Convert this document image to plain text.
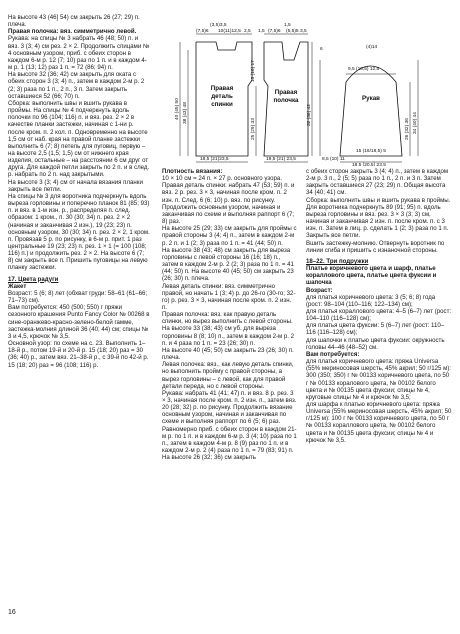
На высоте 43 (46] 54) см закрыть 26 (27; 29) п. плеча.

Правая полочка: вяз. симметрично левой.

Рукава: на спицы № 3 набрать 46 (48; 50) п. и вяз. 3 (3; 4) см рез. 2 × 2. Продолжить спицами № 4 основным узором, приб. с обеих сторон в каждом 6-м р. 12 (7; 10) раз по 1 п. и в каждом 4-м р. 1 (13; 12) раз 1 п. = 72 (86; 94) п.

На высоте 32 (36; 42) см закрыть для оката с обеих сторон 3 (3; 4) п., затем в каждом 2-м р. 2 (2; 3) раза по 1 п., 2 п., 3 п. Затем закрыть оставшиеся 52 (66; 70) п.

Сборка: выполнить швы и вшить рукава в проймы. На спицы № 4 подчеркнуть вдоль полочки по 96 (104; 116) п. и вяз. рез. 2 × 2 в качестве планки застежки, начиная с 1-ни р. после кром. п. 2 кол. п. Одновременно на высоте 1,5 см от наб. края на правой планке застежки выполнить 6 (7; 8) петель для пуговиц, первую – на высоте 2,5 (1,5; 1,5) см от нижнего края изделия, остальные – на расстоянии 6 см друг от друга. Для каждой петли закрыть по 2 п. и в след. р. набрать по 2 п. над закрытыми.

На высоте 3 (3; 4) см от начала вязания планки закрыть все петли.

На спицы № 3 для воротника подчеркнуть вдоль выреза горловины и поперечно планок 81 (85; 93) п. и вяз. в 1-м изн. р., распределяя п. след. образом: 1 кром., п. 30 (30; 34) п. рез. 2 × 2 (начиная и заканчивая 2 изн.), 19 (23; 23) п. основным узором, 30 (30; 34) п. рез. 2 × 2, 1 кром. п. Провязав 5 р. по рисунку, в 6-м р. прит. 1 раз центральные 19 (23; 23) п. рез. 1 × 1 (= 100 (108; 116) п.) и продолжить рез. 2 × 2. На высоте 6 (7; 8) см закрыть все п. Пришить пуговицы на левую планку застежки.

17. Цвета радуги

Жакет

Возраст: 5 (6; 8) лет (обхват груди: 58–61 (61–66; 71–73) см).

Вам потребуется: 450 (500; 550) г пряжи сезонного крашения Punto Fancy Color № 00268 в сине-оранжево-красно-зелено-белой гамме, застежка-молния длиной 36 (40; 44) см; спицы № 3 и 4,5, крючок № 3,5.

Основной узор: по схеме на с. 23. Выполнить 1–18-й р., потом 19-й и 20-й р. 15 (18; 20) раз = 30 (36; 40) р., затем вяз. 21–38-й р., с 39-й по 42-й р. 15 (18; 20) раз = 96 (108; 116) р.

Правая
деталь
спинки
Правая
полочка	Рукав
(3,5)3,5
(7,5)6 10(11)12,5 2,5 1,5
1,5
(7,5)6 (5,5)5 3,5
9,5 (10,5) 12,5
(4)14
6
40 (45) 50 38 (43) 48
25 (29) 33
15 (16) 17
32 (36) 42	34 (40) 44
26 (32) 36
18,5 (21)23,5	19,5 (21) 23,5	8,5 (10) 11
15 (16/18,5) 5
18,5 (20,5) 23,5

Плотность вязания:

10 × 10 см = 24 п. × 27 р. основного узора.

Правая деталь спинки: набрать 47 (53; 59) п. и вяз. 2 р. рез. 3 × 3, начиная после кром. п. 2 изн. п. След. 6 (6; 10) р. вяз. по рисунку. Продолжить основным узором, начиная и заканчивая по схеме и выполняя раппорт 6 (7; 8) раз.

На высоте 25 (29; 33) см закрыть для проймы с правой стороны 3 (4; 4) п., затем в каждом 2-м р. 2 п. и 1 (2; 3) раза по 1 п. = 41 (44; 50) п.

На высоте 38 (43; 48) см закрыть для выреза горловины с левой стороны 16 (16; 18) п., затем в каждом 2-м р. 2 (2; 3) раза по 1 п. = 41 (44; 50) п. На высоте 40 (45; 50) см закрыть 23 (26; 30) п. плеча.

Левая деталь спинки: вяз. симметрично правой, но начать 1 (3; 4) р. до 26-го (30-го; 32-го) р. рез. 3 × 3, начиная после кром. п. 2 изн. п.

Правая полочка: вяз. как правую деталь спинки, но вырез выполнить с левой стороны. На высоте 33 (38; 43) см уб. для выреза горловины 8 (8; 10) п., затем в каждом 2-м р. 2 п. и 4 раза по 1 п. = 23 (26; 30) п.

На высоте 40 (45; 50) см закрыть 23 (26; 30) п. плеча.

Левая полочка: вяз., как левую деталь спинки, но выполнить пройму с правой стороны, а вырез горловины – с левой, как для правой детали переда, но с левой стороны.

Рукава: набрать 41 (41; 47) п. и вяз. 8 р. рез. 3 × 3, начиная после кром. п. 2 изн. п., затем вяз. 20 (28; 32) р. по рисунку. Продолжить вязание основным узором, начиная и заканчивая по схеме и выполняя раппорт по 6 (5; 6) раз.

Равномерно приб. с обеих сторон в каждом 21-м р. по 1 п. и в каждом 6-м р. 3 (4; 10) раза по 1 п., затем в каждом 4-м р. 8 (9) раз по 1 п. и в каждом 2-м р. 2 (4) раза по 1 п. = 79 (83; 91) п. На высоте 26 (32; 36) см закрыть

с обеих сторон закрыть 3 (4; 4) п., затем в каждом 2-м р. 3 п., 2 (5; 5) раза по 1 п., 2 п. и 3 п. Затем закрыть оставшиеся 27 (23; 29) п. Общая высота 34 (40; 41) см.

Сборка: выполнить швы и вшить рукава в проймы. Для воротника подчеркнуть 89 (91; 95) п. вдоль выреза горловины и вяз. рез. 3 × 3 (3; 3) см, начиная и заканчивая 2 изн. п. после кром. п. с 3 изн. п. Затем в лиц. р. сделать 1 (2; 3) раза по 1 п. Закрыть все петли.

Вшить застежку-молнию. Отвернуть воротник по линии сгиба и пришить с изнаночной стороны.

18–22. Три подружки

Платье коричневого цвета и шарф, платье кораллового цвета, платье цвета фуксии и шапочка

Возраст:

для платья коричневого цвета: 3 (5; 6; 8) года (рост: 98–104 (110–116; 122–134) см);

для платья кораллового цвета: 4–5 (6–7) лет (рост: 104–110 (116–128) см);

для платья цвета фуксии: 5 (6–7) лет (рост: 110–116 (116–128) см);

для шапочки к платью цвета фуксии: окружность головы 44–46 (48–52) см.

Вам потребуется:

для платья коричневого цвета: пряжа Universa (55% мериносовая шерсть, 45% акрил; 50 г/125 м): 300 (350; 350) г № 00133 коричневого цвета, по 50 г № 00133 коралового цвета, № 00102 белого цвета и № 00135 цвета фуксии; спицы № 4, круговые спицы № 4 и крючок № 3,5;

для шарфа к платью коричневого цвета: пряжа Universa (55% мериносовая шерсть, 45% акрил; 50 г/125 м): 100 г № 00133 коричневого цвета, по 50 г № 00133 кораллового цвета, № 00102 белого цвета и № 00135 цвета фуксии; спицы № 4 и крючок № 3,5.

16
